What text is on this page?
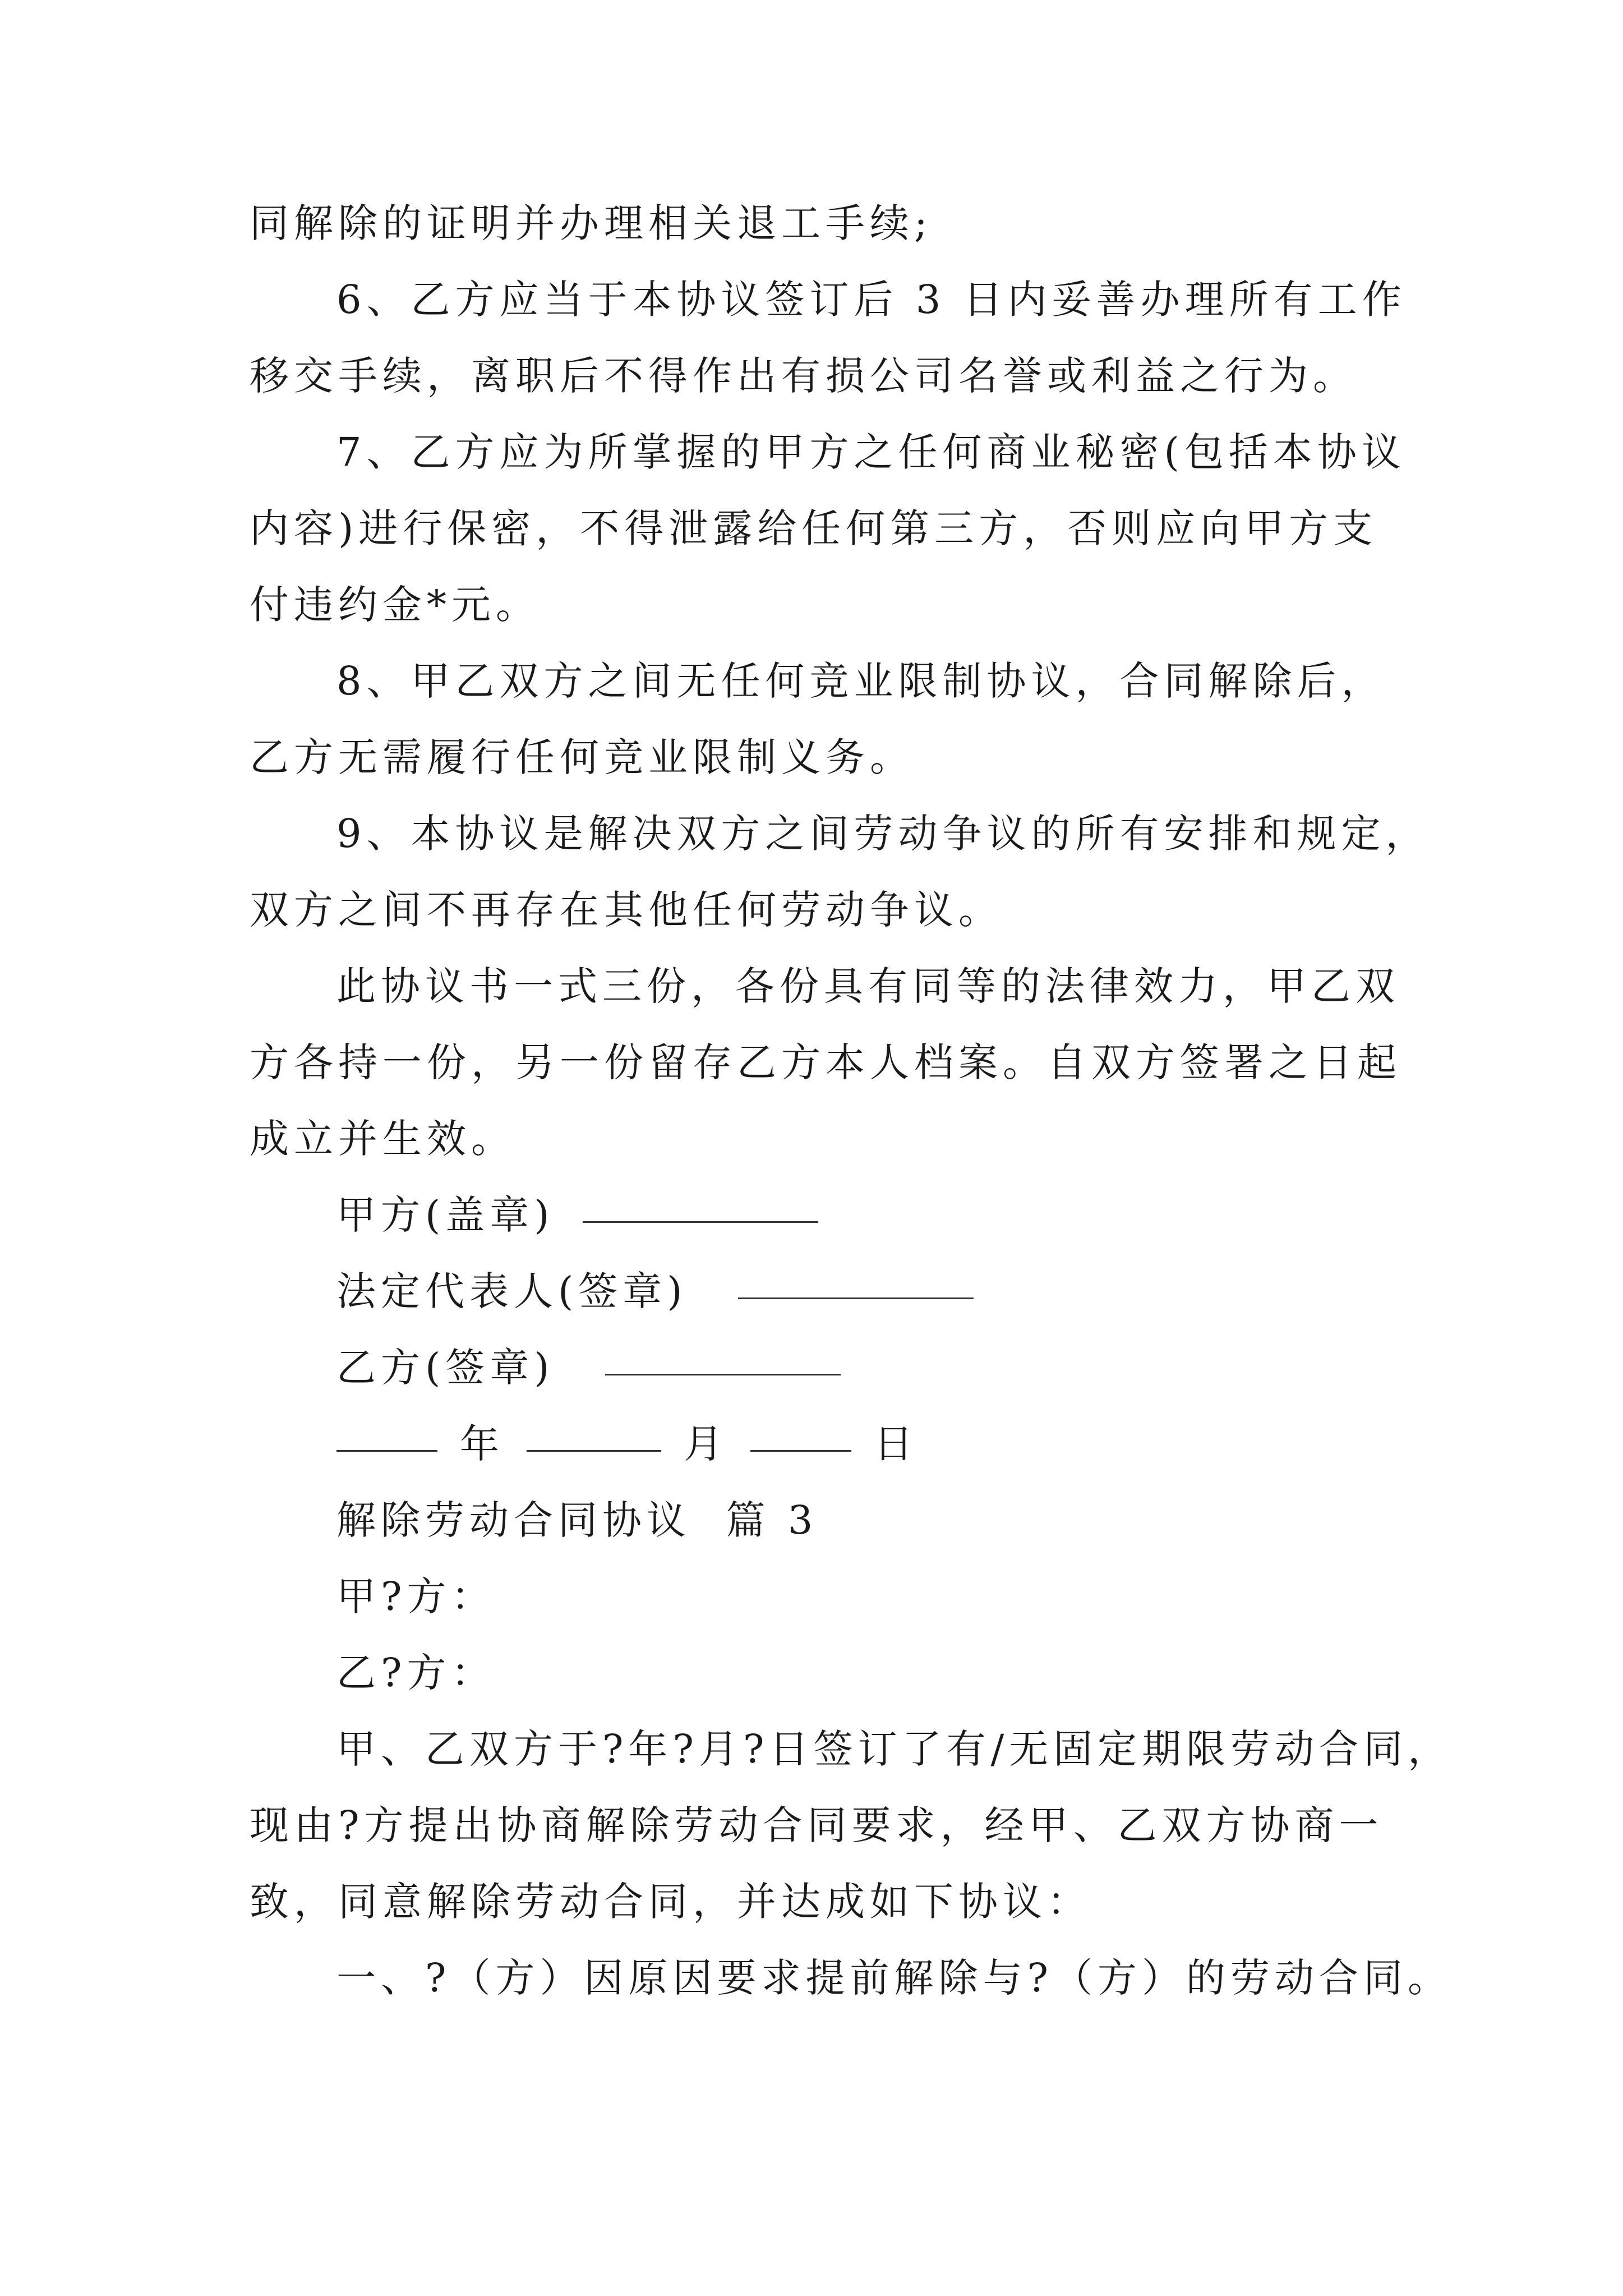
同解除的证明并办理相关退工手续;

6、乙方应当于本协议签订后 3 日内妥善办理所有工作

移交手续，离职后不得作出有损公司名誉或利益之行为。

7、乙方应为所掌握的甲方之任何商业秘密(包括本协议

内容)进行保密，不得泄露给任何第三方，否则应向甲方支

付违约金*元。

8、甲乙双方之间无任何竞业限制协议，合同解除后，

乙方无需履行任何竞业限制义务。

9、本协议是解决双方之间劳动争议的所有安排和规定，

双方之间不再存在其他任何劳动争议。

此协议书一式三份，各份具有同等的法律效力，甲乙双

方各持一份，另一份留存乙方本人档案。自双方签署之日起

成立并生效。

甲方(盖章)
法定代表人(签章)
乙方(签章)
年	月	日

解除劳动合同协议  篇 3

甲?方：

乙?方：

甲、乙双方于?年?月?日签订了有/无固定期限劳动合同，

现由?方提出协商解除劳动合同要求，经甲、乙双方协商一

致，同意解除劳动合同，并达成如下协议：

一、?（方）因原因要求提前解除与?（方）的劳动合同。
